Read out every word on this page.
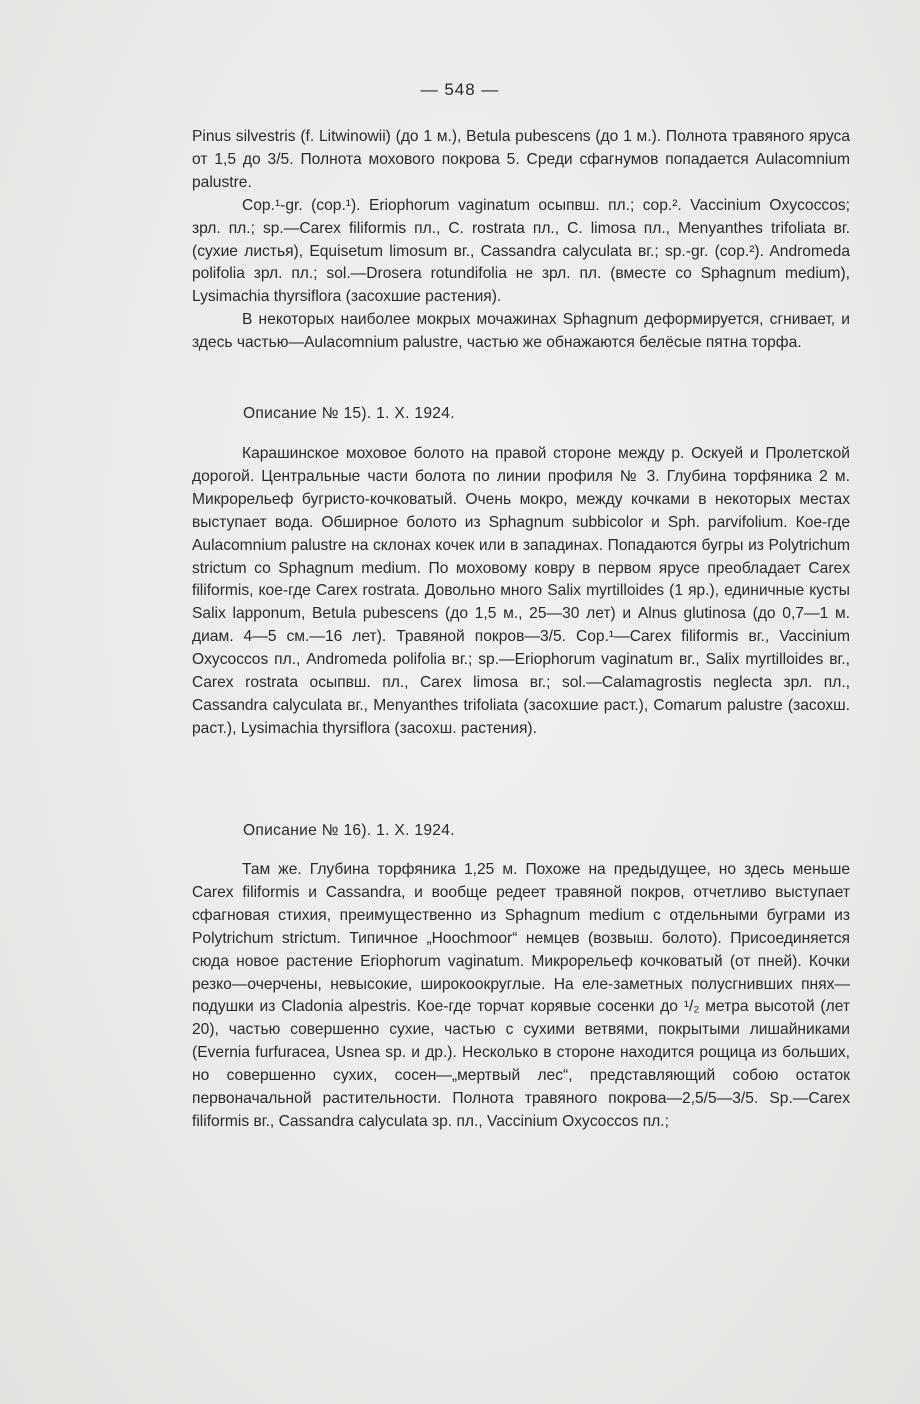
— 548 —

Pinus silvestris (f. Litwinowii) (до 1 м.), Betula pubescens (до 1 м.). Полнота травяного яруса от 1,5 до 3/5. Полнота мохового покрова 5. Среди сфагнумов попадается Aulacomnium palustre.

Cop.¹-gr. (cop.¹). Eriophorum vaginatum осыпвш. пл.; cop.². Vaccinium Oxycoccos; зрл. пл.; sp.—Carex filiformis пл., C. rostrata пл., C. limosa пл., Menyanthes trifoliata вг. (сухие листья), Equisetum limosum вг., Cassandra calyculata вг.; sp.-gr. (cop.²). Andromeda polifolia зрл. пл.; sol.—Drosera rotundifolia не зрл. пл. (вместе со Sphagnum medium), Lysimachia thyrsiflora (засохшие растения).

В некоторых наиболее мокрых мочажинах Sphagnum деформируется, сгнивает, и здесь частью—Aulacomnium palustre, частью же обнажаются белёсые пятна торфа.

Описание № 15). 1. X. 1924.

Карашинское моховое болото на правой стороне между р. Оскуей и Пролетской дорогой. Центральные части болота по линии профиля № 3. Глубина торфяника 2 м. Микрорельеф бугристо-кочковатый. Очень мокро, между кочками в некоторых местах выступает вода. Обширное болото из Sphagnum subbicolor и Sph. parvifolium. Кое-где Aulacomnium palustre на склонах кочек или в западинах. Попадаются бугры из Polytrichum strictum со Sphagnum medium. По моховому ковру в первом ярусе преобладает Carex filiformis, кое-где Carex rostrata. Довольно много Salix myrtilloides (1 яр.), единичные кусты Salix lapponum, Betula pubescens (до 1,5 м., 25—30 лет) и Alnus glutinosa (до 0,7—1 м. диам. 4—5 см.—16 лет). Травяной покров—3/5. Cop.¹—Carex filiformis вг., Vaccinium Oxycoccos пл., Andromeda polifolia вг.; sp.—Eriophorum vaginatum вг., Salix myrtilloides вг., Carex rostrata осыпвш. пл., Carex limosa вг.; sol.—Calamagrostis neglecta зрл. пл., Cassandra calyculata вг., Menyanthes trifoliata (засохшие раст.), Comarum palustre (засохш. раст.), Lysimachia thyrsiflora (засохш. растения).

Описание № 16). 1. X. 1924.

Там же. Глубина торфяника 1,25 м. Похоже на предыдущее, но здесь меньше Carex filiformis и Cassandra, и вообще редеет травяной покров, отчетливо выступает сфагновая стихия, преимущественно из Sphagnum medium с отдельными буграми из Polytrichum strictum. Типичное „Hoochmoor“ немцев (возвыш. болото). Присоединяется сюда новое растение Eriophorum vaginatum. Микрорельеф кочковатый (от пней). Кочки резко—очерчены, невысокие, широкоокруглые. На еле-заметных полусгнивших пнях—подушки из Cladonia alpestris. Кое-где торчат корявые сосенки до ¹/₂ метра высотой (лет 20), частью совершенно сухие, частью с сухими ветвями, покрытыми лишайниками (Evernia furfuracea, Usnea sp. и др.). Несколько в стороне находится рощица из больших, но совершенно сухих, сосен—„мертвый лес“, представляющий собою остаток первоначальной растительности. Полнота травяного покрова—2,5/5—3/5. Sp.—Carex filiformis вг., Cassandra calyculata зр. пл., Vaccinium Oxycoccos пл.;
